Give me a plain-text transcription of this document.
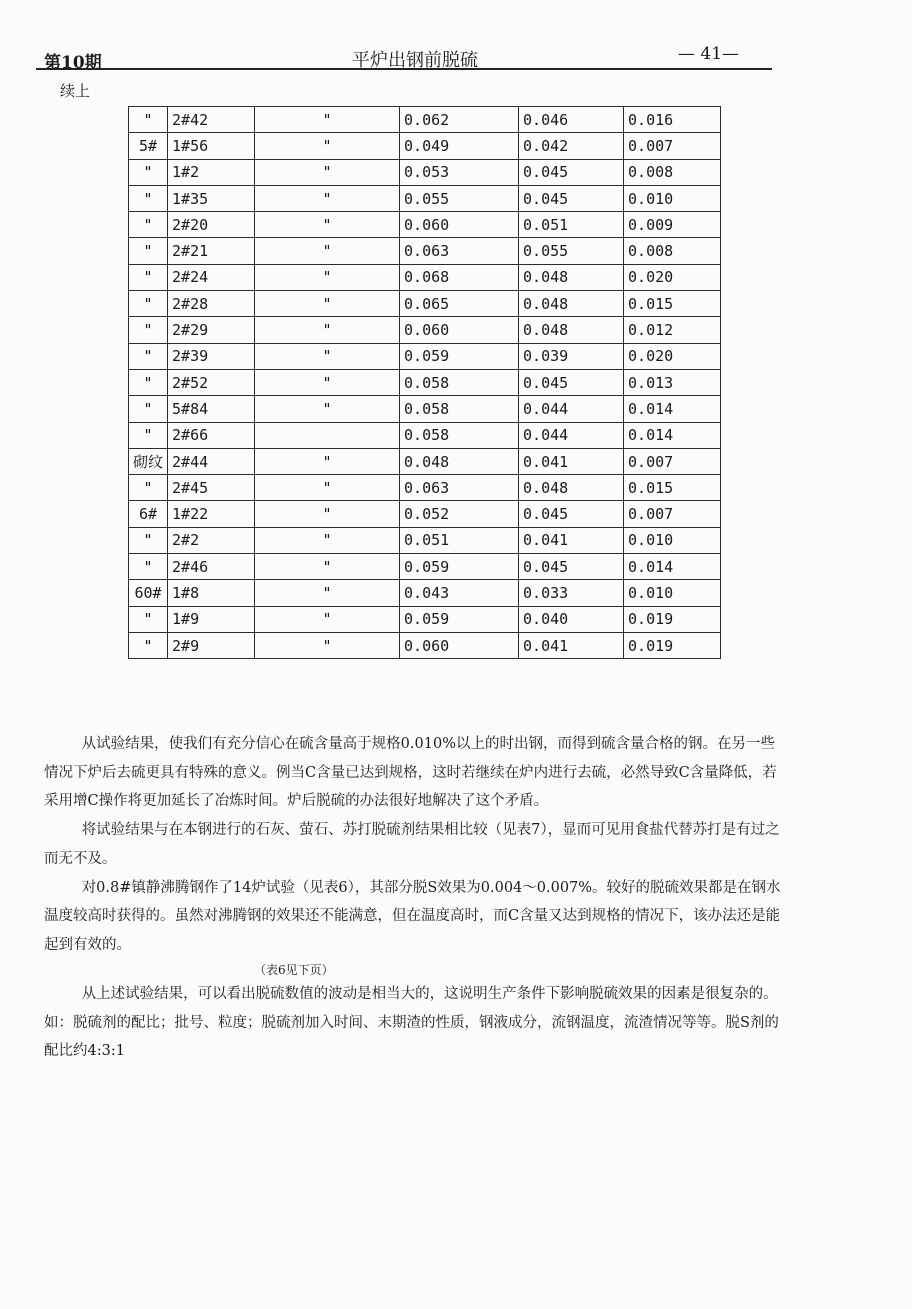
第10期	平炉出钢前脱硫	— 41—
续上
"	2#42	"	0.062	0.046	0.016
5#	1#56	"	0.049	0.042	0.007
"	1#2	"	0.053	0.045	0.008
"	1#35	"	0.055	0.045	0.010
"	2#20	"	0.060	0.051	0.009
"	2#21	"	0.063	0.055	0.008
"	2#24	"	0.068	0.048	0.020
"	2#28	"	0.065	0.048	0.015
"	2#29	"	0.060	0.048	0.012
"	2#39	"	0.059	0.039	0.020
"	2#52	"	0.058	0.045	0.013
"	5#84	"	0.058	0.044	0.014
"	2#66		0.058	0.044	0.014
砌纹	2#44	"	0.048	0.041	0.007
"	2#45	"	0.063	0.048	0.015
6#	1#22	"	0.052	0.045	0.007
"	2#2	"	0.051	0.041	0.010
"	2#46	"	0.059	0.045	0.014
60#	1#8	"	0.043	0.033	0.010
"	1#9	"	0.059	0.040	0.019
"	2#9	"	0.060	0.041	0.019

从试验结果，使我们有充分信心在硫含量高于规格0.010%以上的时出钢，而得到硫含量合格的钢。在另一些情况下炉后去硫更具有特殊的意义。例当C含量已达到规格，这时若继续在炉内进行去硫，必然导致C含量降低，若采用增C操作将更加延长了冶炼时间。炉后脱硫的办法很好地解决了这个矛盾。

将试验结果与在本钢进行的石灰、萤石、苏打脱硫剂结果相比较（见表7），显而可见用食盐代替苏打是有过之而无不及。

对0.8#镇静沸腾钢作了14炉试验（见表6），其部分脱S效果为0.004～0.007%。较好的脱硫效果都是在钢水温度较高时获得的。虽然对沸腾钢的效果还不能满意，但在温度高时，而C含量又达到规格的情况下，该办法还是能起到有效的。

（表6见下页）

从上述试验结果，可以看出脱硫数值的波动是相当大的，这说明生产条件下影响脱硫效果的因素是很复杂的。如：脱硫剂的配比；批号、粒度；脱硫剂加入时间、末期渣的性质，钢液成分，流钢温度，流渣情况等等。脱S剂的配比约4:3:1
